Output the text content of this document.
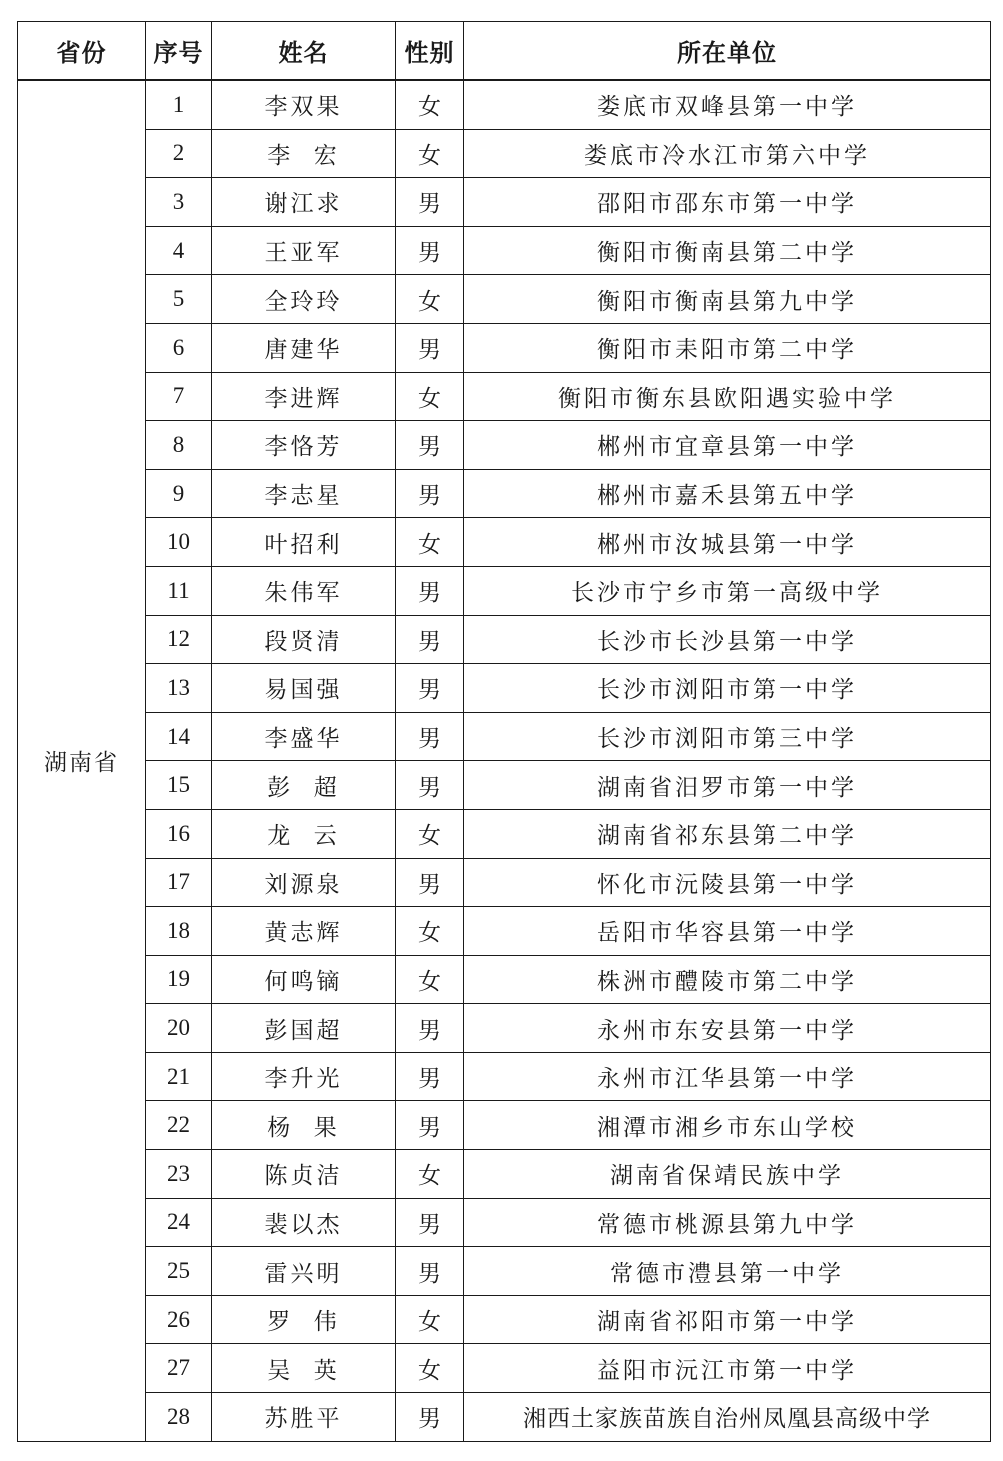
省份	序号	姓名	性别	所在单位
湖南省	1	李双果	女	娄底市双峰县第一中学
	2	李  宏	女	娄底市冷水江市第六中学
	3	谢江求	男	邵阳市邵东市第一中学
	4	王亚军	男	衡阳市衡南县第二中学
	5	全玲玲	女	衡阳市衡南县第九中学
	6	唐建华	男	衡阳市耒阳市第二中学
	7	李进辉	女	衡阳市衡东县欧阳遇实验中学
	8	李恪芳	男	郴州市宜章县第一中学
	9	李志星	男	郴州市嘉禾县第五中学
	10	叶招利	女	郴州市汝城县第一中学
	11	朱伟军	男	长沙市宁乡市第一高级中学
	12	段贤清	男	长沙市长沙县第一中学
	13	易国强	男	长沙市浏阳市第一中学
	14	李盛华	男	长沙市浏阳市第三中学
	15	彭  超	男	湖南省汨罗市第一中学
	16	龙  云	女	湖南省祁东县第二中学
	17	刘源泉	男	怀化市沅陵县第一中学
	18	黄志辉	女	岳阳市华容县第一中学
	19	何鸣镝	女	株洲市醴陵市第二中学
	20	彭国超	男	永州市东安县第一中学
	21	李升光	男	永州市江华县第一中学
	22	杨  果	男	湘潭市湘乡市东山学校
	23	陈贞洁	女	湖南省保靖民族中学
	24	裴以杰	男	常德市桃源县第九中学
	25	雷兴明	男	常德市澧县第一中学
	26	罗  伟	女	湖南省祁阳市第一中学
	27	吴  英	女	益阳市沅江市第一中学
	28	苏胜平	男	湘西土家族苗族自治州凤凰县高级中学
